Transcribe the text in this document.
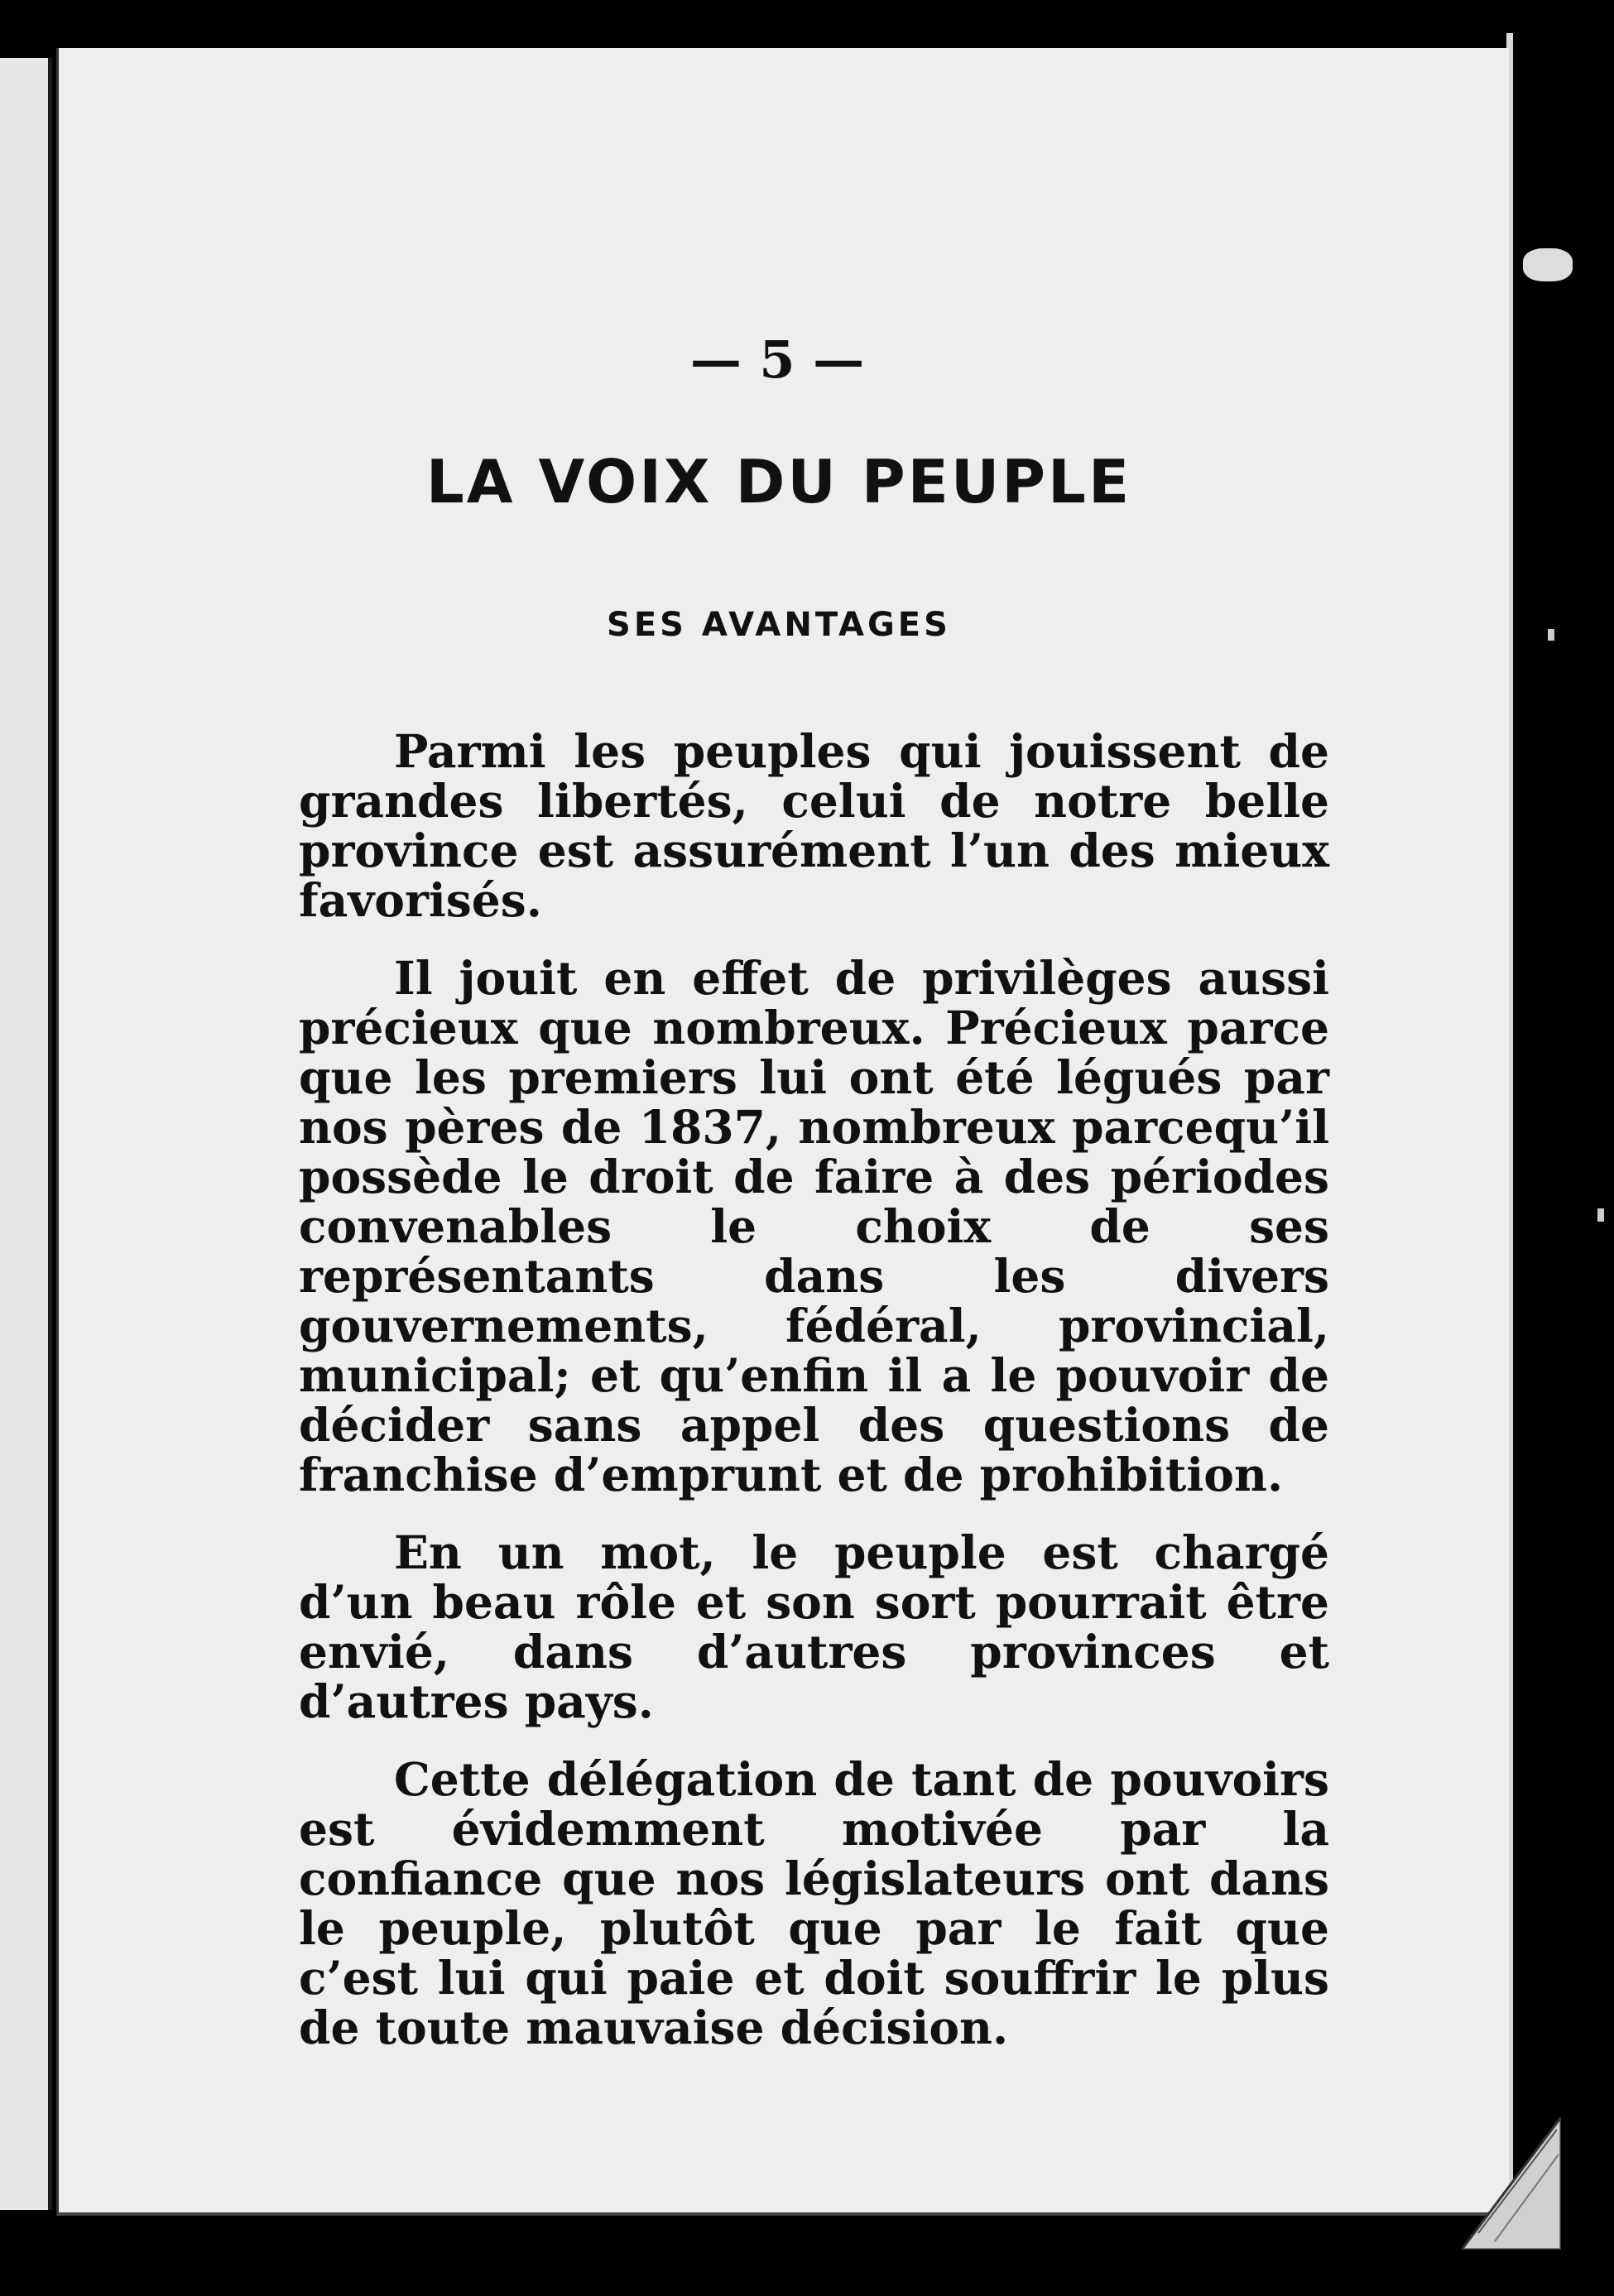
— 5 —
LA VOIX DU PEUPLE
SES AVANTAGES

Parmi les peuples qui jouissent de grandes libertés, celui de notre belle province est assurément l’un des mieux favorisés.

Il jouit en effet de privilèges aussi précieux que nombreux. Précieux parce que les premiers lui ont été légués par nos pères de 1837, nombreux parcequ’il possède le droit de faire à des périodes convenables le choix de ses représentants dans les divers gouvernements, fédéral, provincial, municipal; et qu’enfin il a le pouvoir de décider sans appel des questions de franchise d’emprunt et de prohibition.

En un mot, le peuple est chargé d’un beau rôle et son sort pourrait être envié, dans d’autres provinces et d’autres pays.

Cette délégation de tant de pouvoirs est évidemment motivée par la confiance que nos législateurs ont dans le peuple, plutôt que par le fait que c’est lui qui paie et doit souffrir le plus de toute mauvaise décision.
